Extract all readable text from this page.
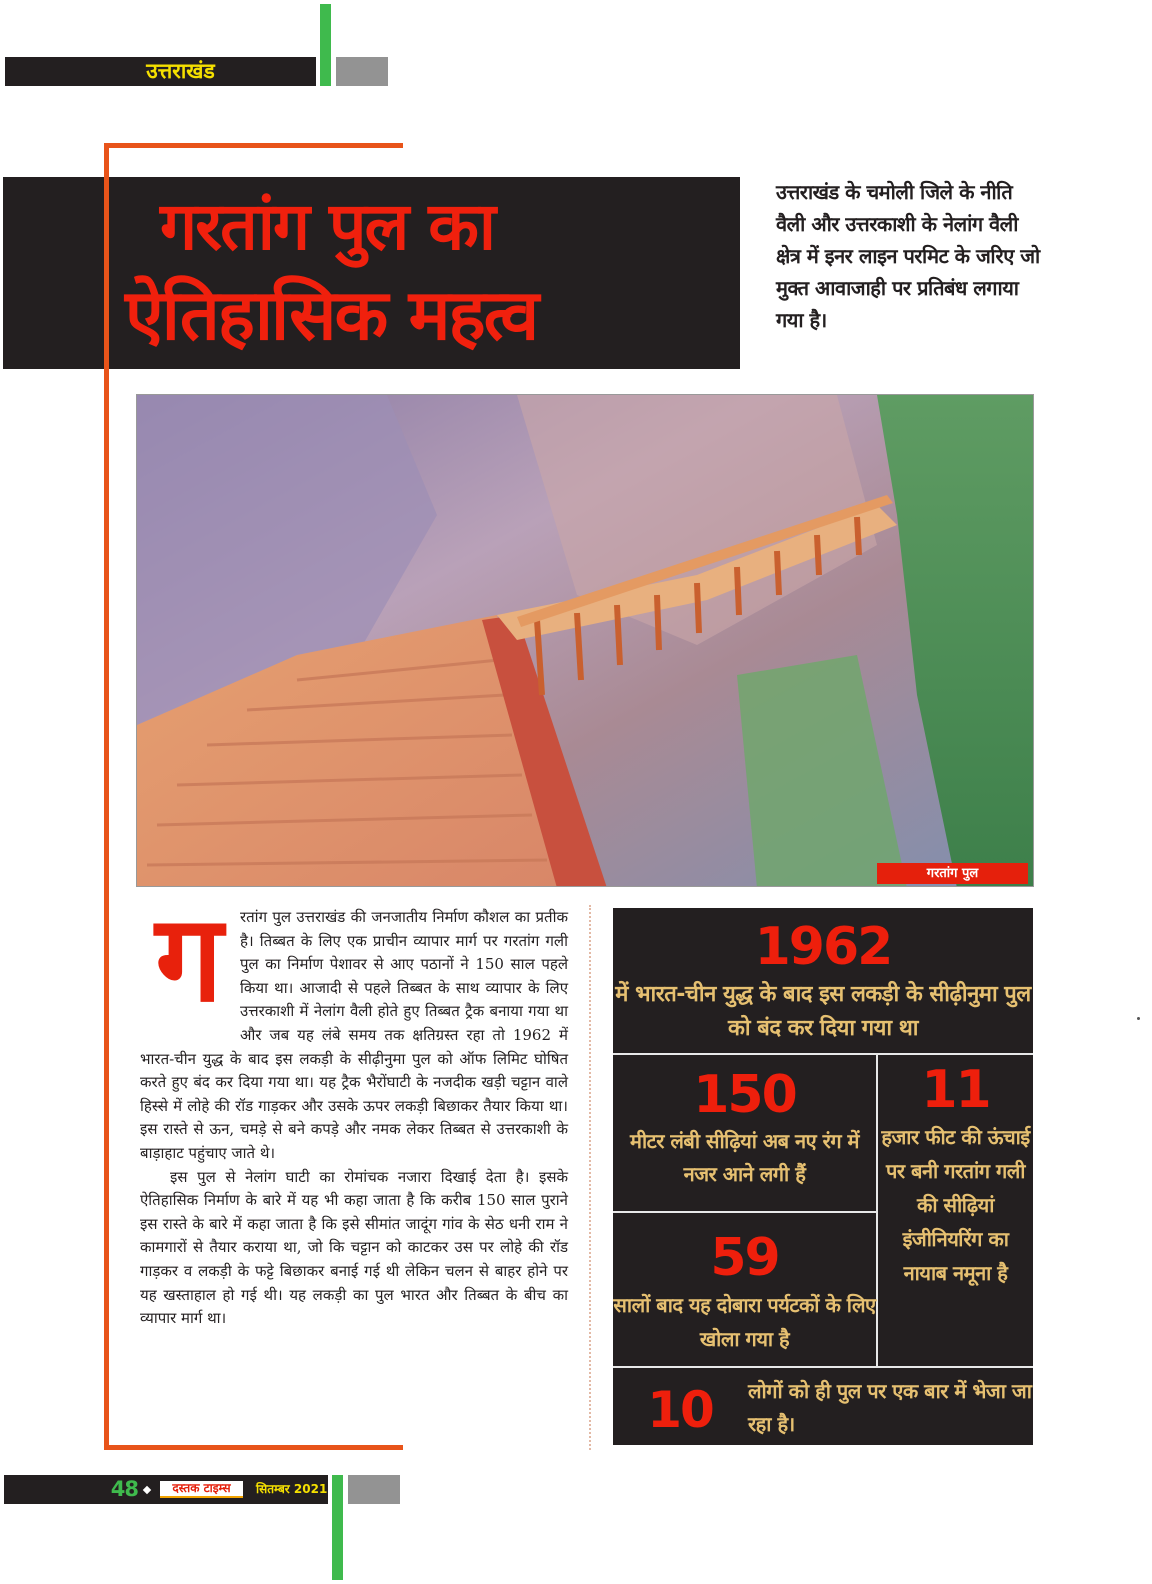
उत्तराखंड
गरतांग पुल का
ऐतिहासिक महत्व
उत्तराखंड के चमोली जिले के नीति वैली और उत्तरकाशी के नेलांग वैली क्षेत्र में इनर लाइन परमिट के जरिए जो मुक्त आवाजाही पर प्रतिबंध लगाया गया है।
गरतांग पुल
ग	रतांग पुल उत्तराखंड की जनजातीय निर्माण कौशल का प्रतीक है। तिब्बत के लिए एक प्राचीन व्यापार मार्ग पर गरतांग गली पुल का निर्माण पेशावर से आए पठानों ने 150 साल पहले किया था। आजादी से पहले तिब्बत के साथ व्यापार के लिए उत्तरकाशी में नेलांग वैली होते हुए तिब्बत ट्रैक बनाया गया था और जब यह लंबे समय तक क्षतिग्रस्त रहा तो 1962 में भारत-चीन युद्ध के बाद इस लकड़ी के सीढ़ीनुमा पुल को ऑफ लिमिट घोषित करते हुए बंद कर दिया गया था। यह ट्रैक भैरोंघाटी के नजदीक खड़ी चट्टान वाले हिस्से में लोहे की रॉड गाड़कर और उसके ऊपर लकड़ी बिछाकर तैयार किया था। इस रास्ते से ऊन, चमड़े से बने कपड़े और नमक लेकर तिब्बत से उत्तरकाशी के बाड़ाहाट पहुंचाए जाते थे।

इस पुल से नेलांग घाटी का रोमांचक नजारा दिखाई देता है। इसके ऐतिहासिक निर्माण के बारे में यह भी कहा जाता है कि करीब 150 साल पुराने इस रास्ते के बारे में कहा जाता है कि इसे सीमांत जादूंग गांव के सेठ धनी राम ने कामगारों से तैयार कराया था, जो कि चट्टान को काटकर उस पर लोहे की रॉड गाड़कर व लकड़ी के फट्टे बिछाकर बनाई गई थी लेकिन चलन से बाहर होने पर यह खस्ताहाल हो गई थी। यह लकड़ी का पुल भारत और तिब्बत के बीच का व्यापार मार्ग था।

1962
में भारत-चीन युद्ध के बाद इस लकड़ी के सीढ़ीनुमा पुल को बंद कर दिया गया था
150
मीटर लंबी सीढ़ियां अब नए रंग में नजर आने लगी हैं
11
हजार फीट की ऊंचाई पर बनी गरतांग गली की सीढ़ियां इंजीनियरिंग का नायाब नमूना है
59
सालों बाद यह दोबारा पर्यटकों के लिए खोला गया है
10	लोगों को ही पुल पर एक बार में भेजा जा रहा है।
48	दस्तक टाइम्स	सितम्बर 2021
